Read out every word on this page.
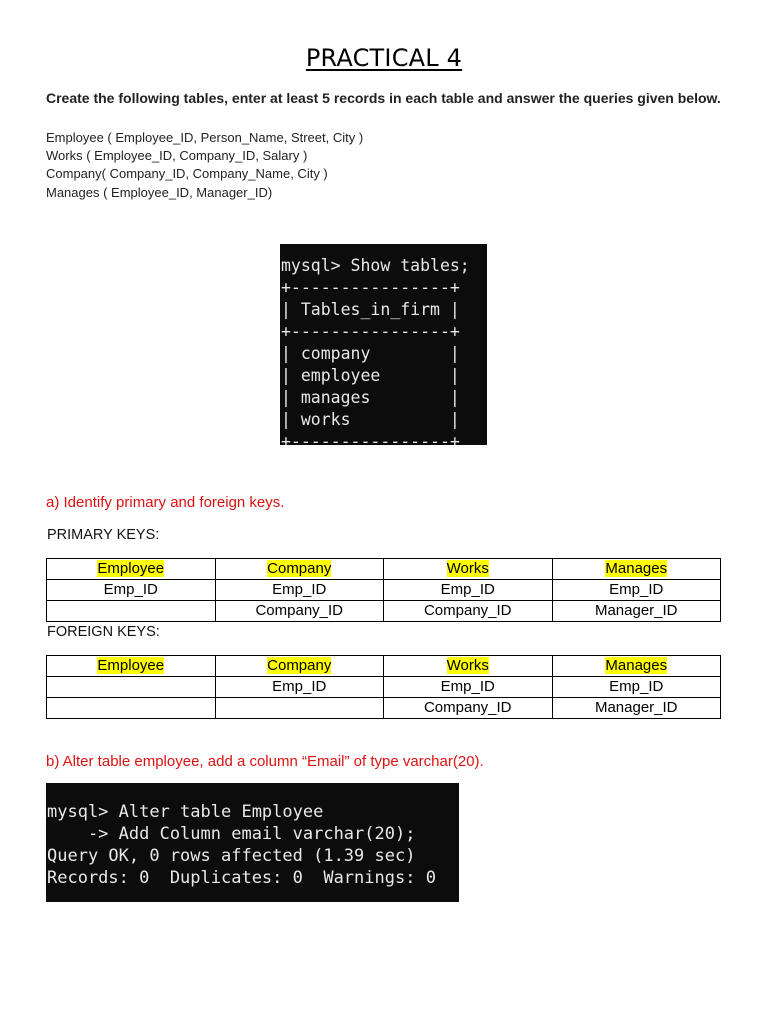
PRACTICAL 4
Create the following tables, enter at least 5 records in each table and answer the queries given below.
Employee ( Employee_ID, Person_Name, Street, City )
Works ( Employee_ID, Company_ID, Salary )
Company( Company_ID, Company_Name, City )
Manages ( Employee_ID, Manager_ID)

mysql> Show tables;

+----------------+

| Tables_in_firm |

+----------------+

| company        |

| employee       |

| manages        |

| works          |

+----------------+

a) Identify primary and foreign keys.
PRIMARY KEYS:
Employee	Company	Works	Manages
Emp_ID	Emp_ID	Emp_ID	Emp_ID
	Company_ID	Company_ID	Manager_ID
FOREIGN KEYS:
Employee	Company	Works	Manages
	Emp_ID	Emp_ID	Emp_ID
		Company_ID	Manager_ID
b) Alter table employee, add a column “Email” of type varchar(20).

mysql> Alter table Employee

-> Add Column email varchar(20);

Query OK, 0 rows affected (1.39 sec)

Records: 0  Duplicates: 0  Warnings: 0
